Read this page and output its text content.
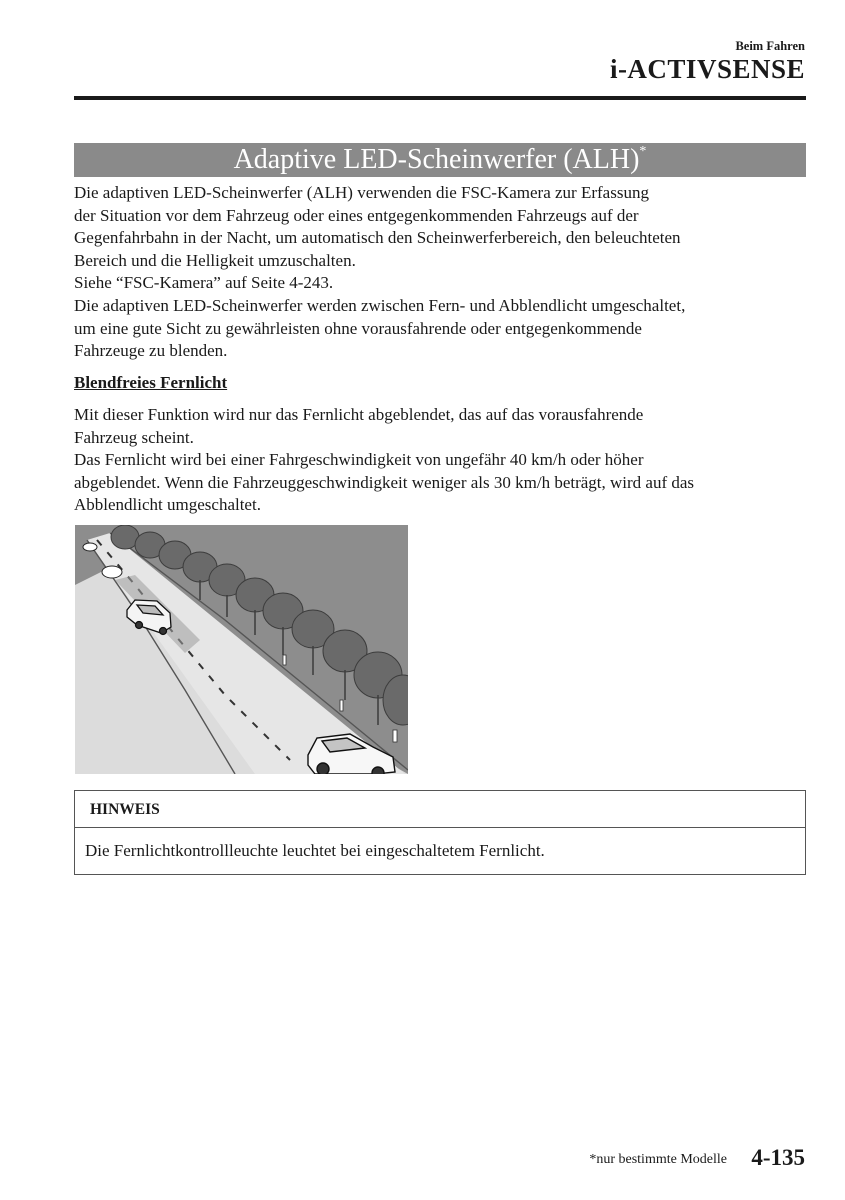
Beim Fahren
i-ACTIVSENSE
Adaptive LED-Scheinwerfer (ALH)*

Die adaptiven LED-Scheinwerfer (ALH) verwenden die FSC-Kamera zur Erfassung

der Situation vor dem Fahrzeug oder eines entgegenkommenden Fahrzeugs auf der

Gegenfahrbahn in der Nacht, um automatisch den Scheinwerferbereich, den beleuchteten

Bereich und die Helligkeit umzuschalten.

Siehe “FSC-Kamera” auf Seite 4-243.

Die adaptiven LED-Scheinwerfer werden zwischen Fern- und Abblendlicht umgeschaltet,

um eine gute Sicht zu gewährleisten ohne vorausfahrende oder entgegenkommende

Fahrzeuge zu blenden.

Blendfreies Fernlicht

Mit dieser Funktion wird nur das Fernlicht abgeblendet, das auf das vorausfahrende

Fahrzeug scheint.

Das Fernlicht wird bei einer Fahrgeschwindigkeit von ungefähr 40 km/h oder höher

abgeblendet. Wenn die Fahrzeuggeschwindigkeit weniger als 30 km/h beträgt, wird auf das

Abblendlicht umgeschaltet.

HINWEIS
Die Fernlichtkontrollleuchte leuchtet bei eingeschaltetem Fernlicht.
*nur bestimmte Modelle 4-135
